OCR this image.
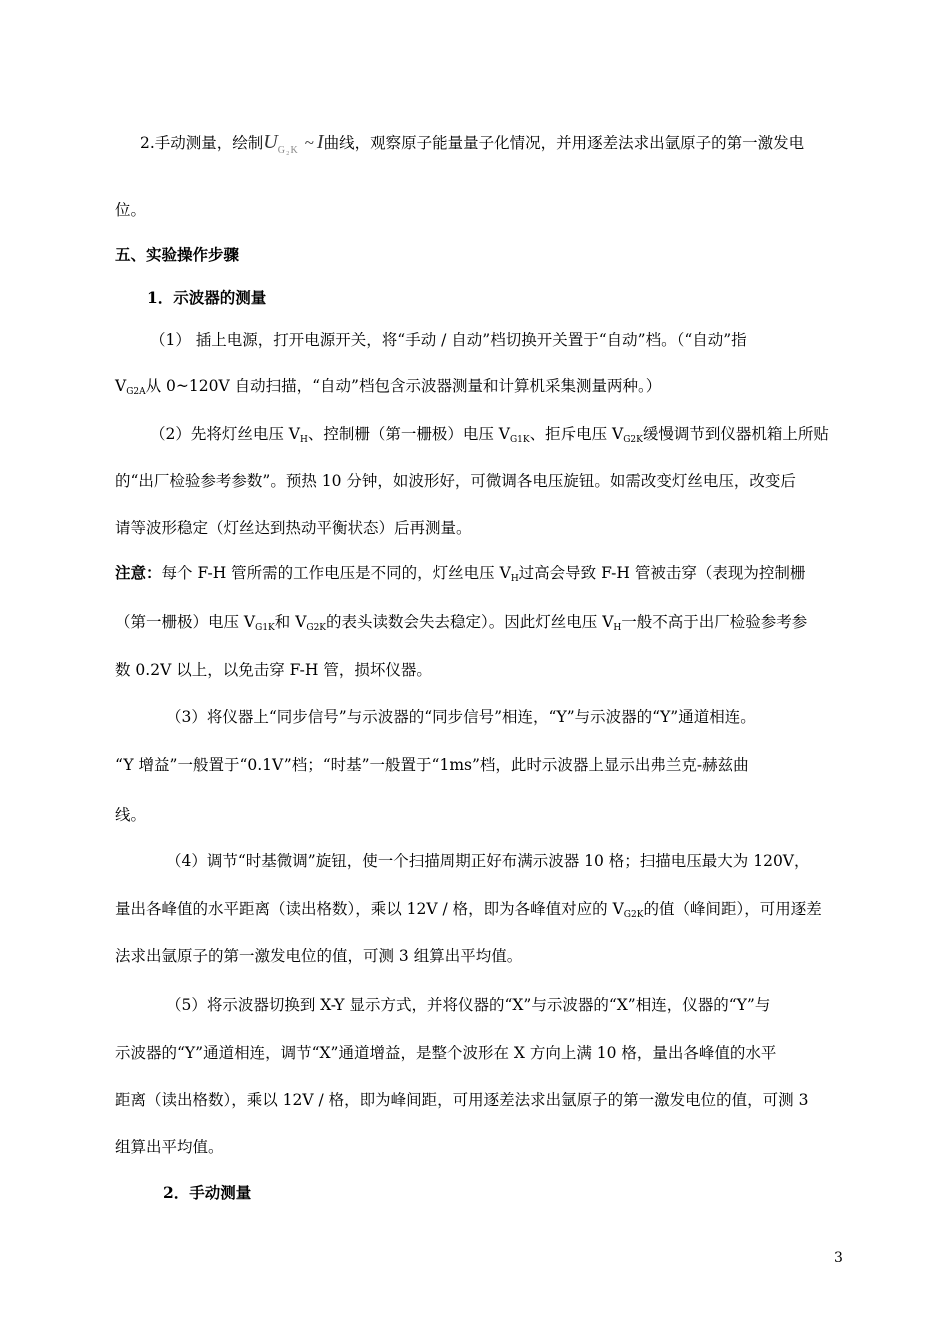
2.手动测量，绘制$U_{G_2K}$ ~ I曲线，观察原子能量量子化情况，并用逐差法求出氩原子的第一激发电
位。
五、实验操作步骤
1．示波器的测量
（1） 插上电源，打开电源开关，将“手动 / 自动”档切换开关置于“自动”档。（“自动”指
$V_{G2A}$从 0~120V 自动扫描，“自动”档包含示波器测量和计算机采集测量两种。）
（2）先将灯丝电压 $V_H$、控制栅（第一栅极）电压 $V_{G1K}$、拒斥电压 $V_{G2K}$缓慢调节到仪器机箱上所贴
的“出厂检验参考参数”。预热 10 分钟，如波形好，可微调各电压旋钮。如需改变灯丝电压，改变后
请等波形稳定（灯丝达到热动平衡状态）后再测量。
注意：每个 F-H 管所需的工作电压是不同的，灯丝电压 $V_H$过高会导致 F-H 管被击穿（表现为控制栅
（第一栅极）电压 $V_{G1K}$和 $V_{G2K}$的表头读数会失去稳定）。因此灯丝电压 $V_H$一般不高于出厂检验参考参
数 0.2V 以上，以免击穿 F-H 管，损坏仪器。
（3）将仪器上“同步信号”与示波器的“同步信号”相连，“Y”与示波器的“Y”通道相连。
“Y 增益”一般置于“0.1V”档；“时基”一般置于“1ms”档，此时示波器上显示出弗兰克-赫兹曲
线。
（4）调节“时基微调”旋钮，使一个扫描周期正好布满示波器 10 格；扫描电压最大为 120V，
量出各峰值的水平距离（读出格数），乘以 12V / 格，即为各峰值对应的 $V_{G2K}$的值（峰间距），可用逐差
法求出氩原子的第一激发电位的值，可测 3 组算出平均值。
（5）将示波器切换到 X-Y 显示方式，并将仪器的“X”与示波器的“X”相连，仪器的“Y”与
示波器的“Y”通道相连，调节“X”通道增益，是整个波形在 X 方向上满 10 格，量出各峰值的水平
距离（读出格数），乘以 12V / 格，即为峰间距，可用逐差法求出氩原子的第一激发电位的值，可测 3
组算出平均值。
2．手动测量
3
